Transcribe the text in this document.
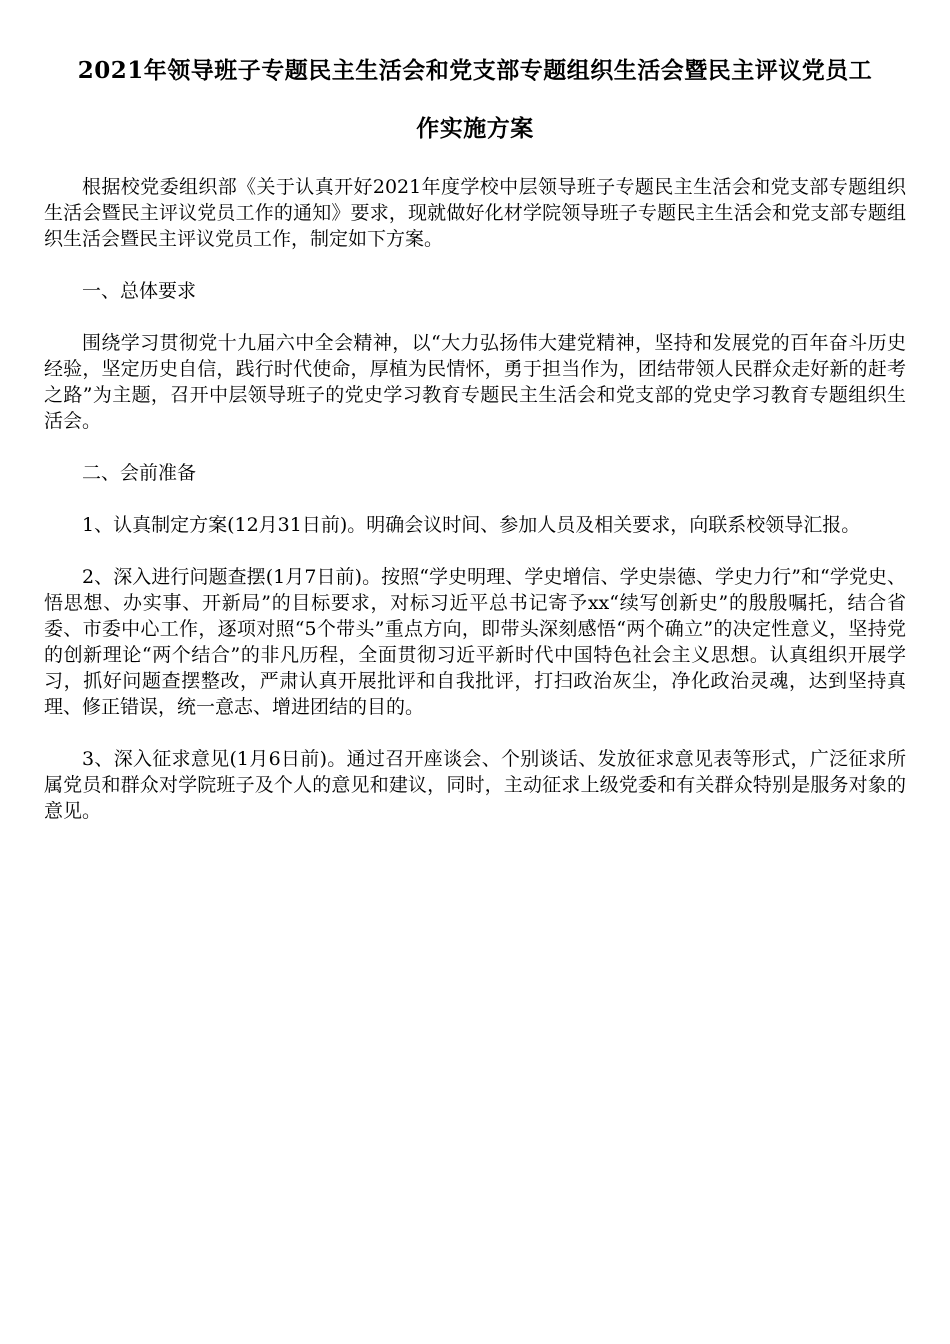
2021年领导班子专题民主生活会和党支部专题组织生活会暨民主评议党员工
作实施方案

根据校党委组织部《关于认真开好2021年度学校中层领导班子专题民主生活会和党支部专题组织生活会暨民主评议党员工作的通知》要求，现就做好化材学院领导班子专题民主生活会和党支部专题组织生活会暨民主评议党员工作，制定如下方案。

一、总体要求

围绕学习贯彻党十九届六中全会精神，以“大力弘扬伟大建党精神，坚持和发展党的百年奋斗历史经验，坚定历史自信，践行时代使命，厚植为民情怀，勇于担当作为，团结带领人民群众走好新的赶考之路”为主题，召开中层领导班子的党史学习教育专题民主生活会和党支部的党史学习教育专题组织生活会。

二、会前准备

1、认真制定方案(12月31日前)。明确会议时间、参加人员及相关要求，向联系校领导汇报。

2、深入进行问题查摆(1月7日前)。按照“学史明理、学史增信、学史崇德、学史力行”和“学党史、悟思想、办实事、开新局”的目标要求，对标习近平总书记寄予xx“续写创新史”的殷殷嘱托，结合省委、市委中心工作，逐项对照“5个带头”重点方向，即带头深刻感悟“两个确立”的决定性意义，坚持党的创新理论“两个结合”的非凡历程，全面贯彻习近平新时代中国特色社会主义思想。认真组织开展学习，抓好问题查摆整改，严肃认真开展批评和自我批评，打扫政治灰尘，净化政治灵魂，达到坚持真理、修正错误，统一意志、增进团结的目的。

3、深入征求意见(1月6日前)。通过召开座谈会、个别谈话、发放征求意见表等形式，广泛征求所属党员和群众对学院班子及个人的意见和建议，同时，主动征求上级党委和有关群众特别是服务对象的意见。
